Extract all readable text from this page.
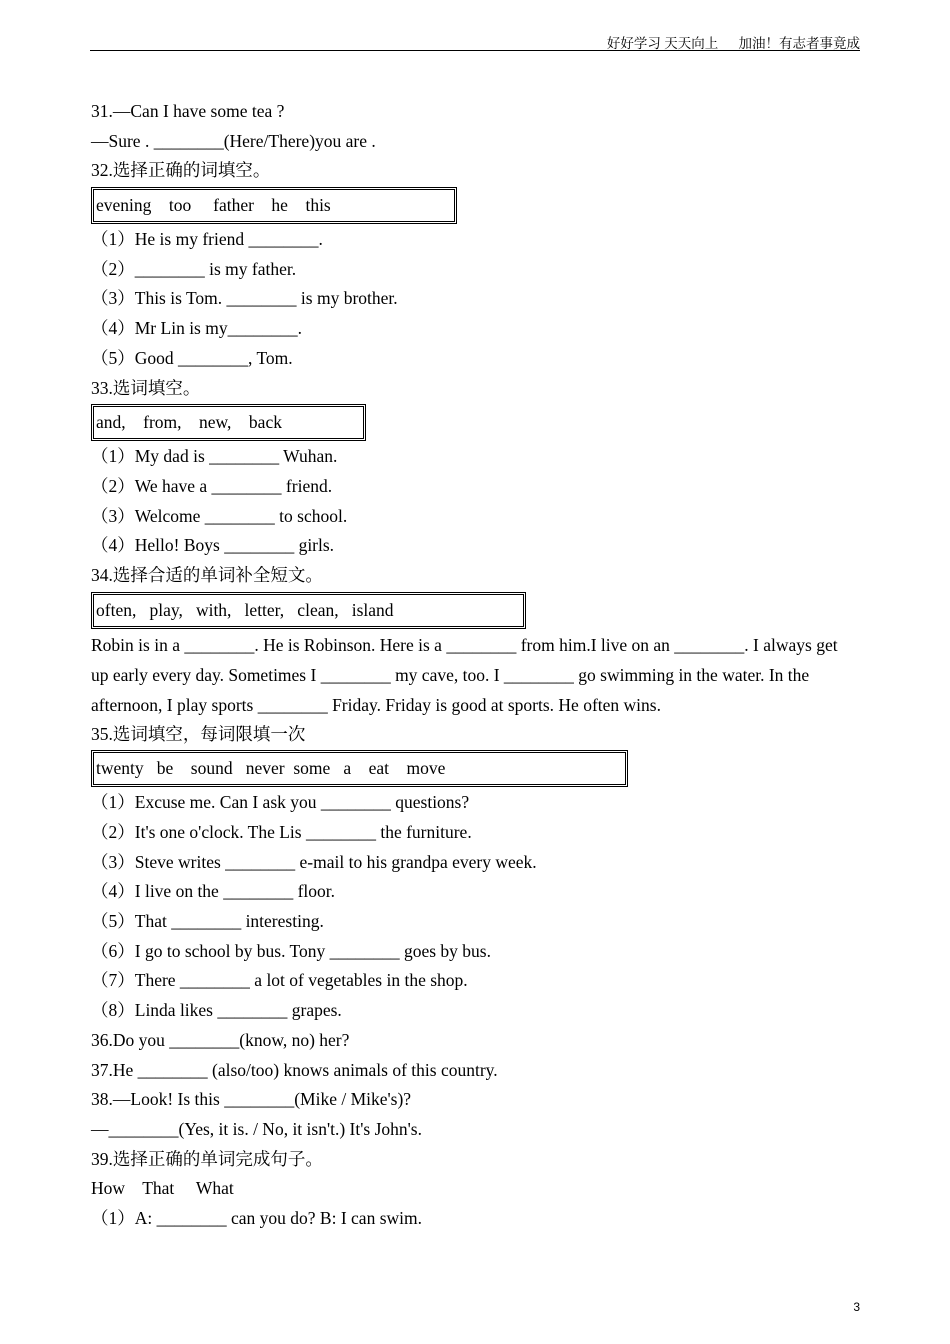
好好学习 天天向上      加油！有志者事竟成
31.—Can I have some tea ?
—Sure . ________(Here/There)you are .
32.选择正确的词填空。
evening    too     father    he    this
（1）He is my friend ________.
（2）________ is my father.
（3）This is Tom. ________ is my brother.
（4）Mr Lin is my________.
（5）Good ________, Tom.
33.选词填空。
and,    from,    new,    back
（1）My dad is ________ Wuhan.
（2）We have a ________ friend.
（3）Welcome ________ to school.
（4）Hello! Boys ________ girls.
34.选择合适的单词补全短文。
often,   play,   with,   letter,   clean,   island
Robin is in a ________. He is Robinson. Here is a ________ from him.I live on an ________. I always get up early every day. Sometimes I ________ my cave, too. I ________ go swimming in the water. In the afternoon, I play sports ________ Friday. Friday is good at sports. He often wins.
35.选词填空，每词限填一次
twenty   be    sound   never  some   a    eat    move
（1）Excuse me. Can I ask you ________ questions?
（2）It's one o'clock. The Lis ________ the furniture.
（3）Steve writes ________ e-mail to his grandpa every week.
（4）I live on the ________ floor.
（5）That ________ interesting.
（6）I go to school by bus. Tony ________ goes by bus.
（7）There ________ a lot of vegetables in the shop.
（8）Linda likes ________ grapes.
36.Do you ________(know, no) her?
37.He ________ (also/too) knows animals of this country.
38.—Look! Is this ________(Mike / Mike's)?
—________(Yes, it is. / No, it isn't.) It's John's.
39.选择正确的单词完成句子。
How    That     What
（1）A: ________ can you do? B: I can swim.
3
